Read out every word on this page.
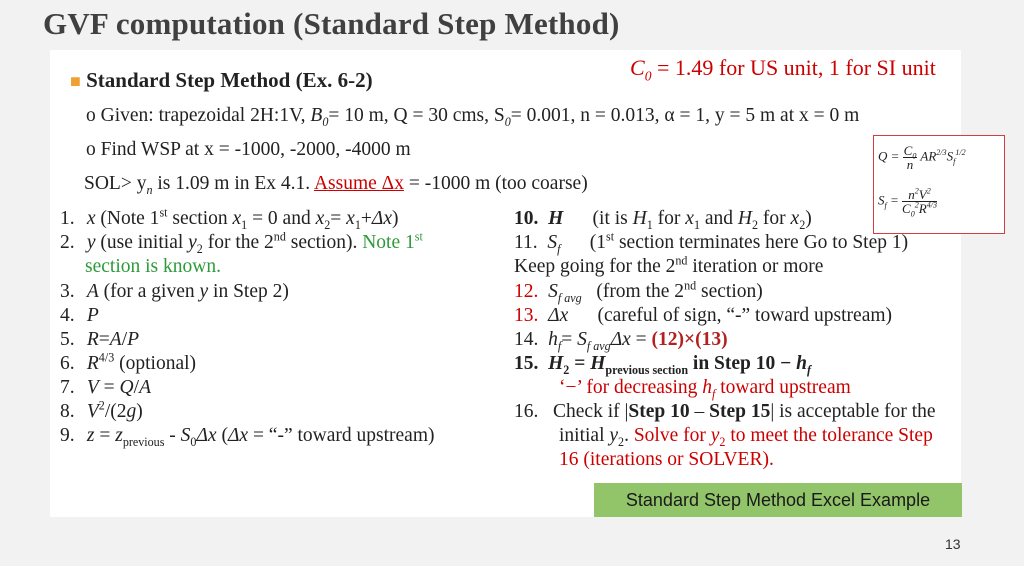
GVF computation (Standard Step Method)
$C_0 = 1.49$ for US unit, 1 for SI unit
■ Standard Step Method (Ex. 6-2)
o Given: trapezoidal 2H:1V, $B_0= 10$ m, Q = 30 cms, $S_0= 0.001$, n = 0.013, α = 1, y = 5 m at x = 0 m
o Find WSP at x = -1000, -2000, -4000 m
$SOL> y_n$ is 1.09 m in Ex 4.1. Assume Δx = -1000 m (too coarse)
$Q = \frac{C_0}{n} AR^{2/3}S_f^{1/2}$
$S_f = \frac{n^2V^2}{C_0^2R^{4/3}}$
1. x (Note 1st section $x_1 = 0$ and $x_2= x_1+\Delta x$)
2. y (use initial $y_2$ for the 2nd section). Note 1st
section is known.
3. A (for a given y in Step 2)
4. P
5. R=A/P
6. $R^{4/3}$ (optional)
7. V = Q/A
8. $V^2/(2g)$
9. $z = z_{previous} - S_0\Delta x$ (Δx = “-” toward upstream)
10. H      (it is $H_1$ for $x_1$ and $H_2$ for $x_2$)
11. $S_f$      (1st section terminates here Go to Step 1)
Keep going for the 2nd iteration or more
12. $S_{f avg}$   (from the 2nd section)
13. Δx      (careful of sign, “-” toward upstream)
14. $h_f= S_{f avg}\Delta x = (12)\times(13)$
15. $H_2 = H_{previous section}$ in Step $10 - h_f$
‘−’ for decreasing $h_f$ toward upstream
16.   Check if |Step 10 – Step 15| is acceptable for the
initial $y_2$. Solve for $y_2$ to meet the tolerance Step
16 (iterations or SOLVER).
Standard Step Method Excel Example
13
